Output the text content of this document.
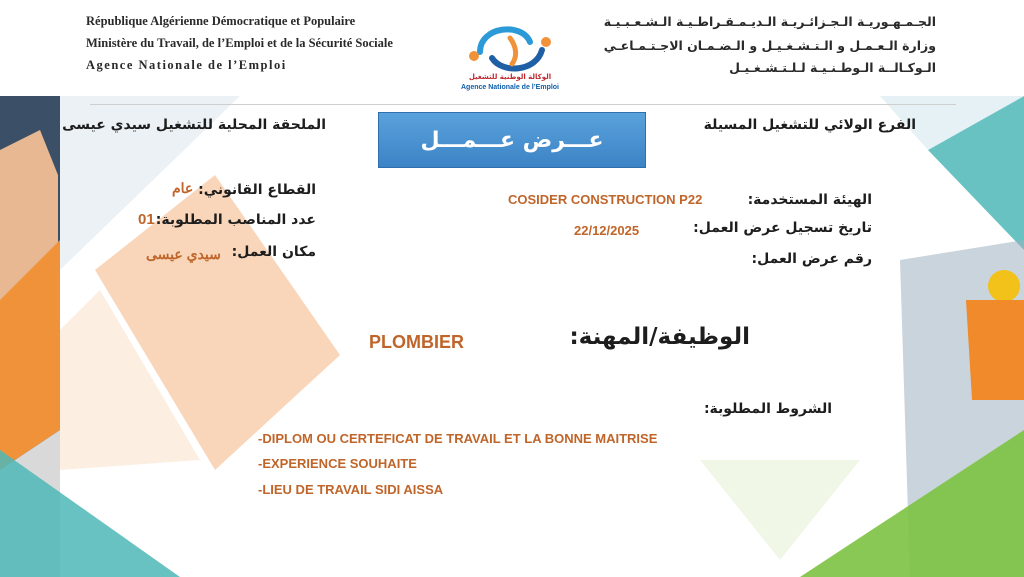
République Algérienne Démocratique et Populaire
Ministère du Travail, de l’Emploi et de la Sécurité Sociale
Agence Nationale de l’Emploi
الجـمـهـوريـة الـجـزائـريـة الـديـمـقـراطـيـة الـشـعـبـيـة
وزارة الـعـمـل و الـتـشـغـيـل و الـضـمـان الاجـتـمـاعـي
الـوكـالــة الـوطـنـيـة لـلـتـشـغـيـل
الوكالة الوطنية للتشغيل
Agence Nationale de l’Emploi
الملحقة المحلية للتشغيل سيدي عيسى	الفرع الولائي للتشغيل المسيلة
عـــرض عـــمـــل
القطاع القانوني:
عام
عدد المناصب المطلوبة:
01
مكان العمل:
سيدي عيسى
الهيئة المستخدمة:
COSIDER CONSTRUCTION P22
تاريخ تسجيل عرض العمل:
22/12/2025
رقم عرض العمل:
الوظيفة/المهنة:
PLOMBIER
الشروط المطلوبة:
-DIPLOM OU CERTEFICAT DE TRAVAIL ET LA BONNE MAITRISE
-EXPERIENCE SOUHAITE
-LIEU DE TRAVAIL SIDI AISSA
